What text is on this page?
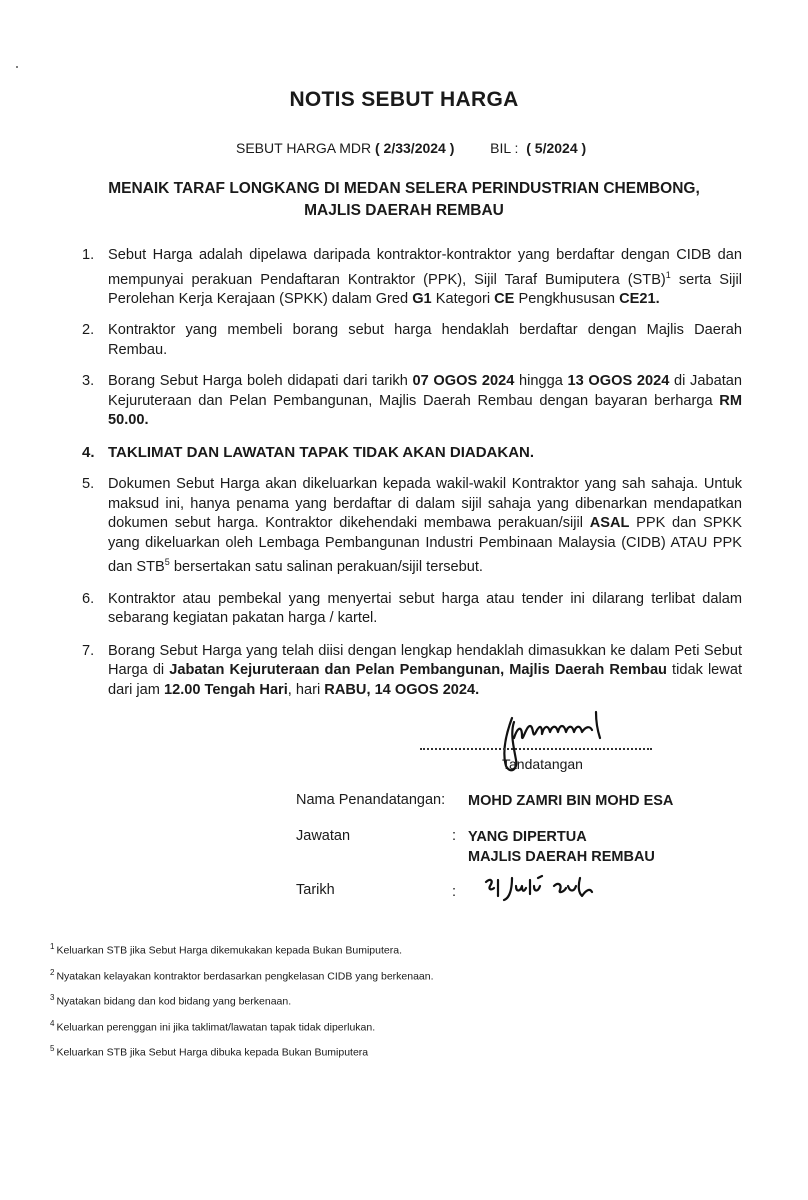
NOTIS SEBUT HARGA
SEBUT HARGA MDR ( 2/33/2024 )	BIL : ( 5/2024 )
MENAIK TARAF LONGKANG DI MEDAN SELERA PERINDUSTRIAN CHEMBONG,
MAJLIS DAERAH REMBAU
1. Sebut Harga adalah dipelawa daripada kontraktor-kontraktor yang berdaftar dengan CIDB dan mempunyai perakuan Pendaftaran Kontraktor (PPK), Sijil Taraf Bumiputera (STB)$^1$ serta Sijil Perolehan Kerja Kerajaan (SPKK) dalam Gred G1 Kategori CE Pengkhususan CE21.
2. Kontraktor yang membeli borang sebut harga hendaklah berdaftar dengan Majlis Daerah Rembau.
3. Borang Sebut Harga boleh didapati dari tarikh 07 OGOS 2024 hingga 13 OGOS 2024 di Jabatan Kejuruteraan dan Pelan Pembangunan, Majlis Daerah Rembau dengan bayaran berharga RM 50.00.
4. TAKLIMAT DAN LAWATAN TAPAK TIDAK AKAN DIADAKAN.
5. Dokumen Sebut Harga akan dikeluarkan kepada wakil-wakil Kontraktor yang sah sahaja. Untuk maksud ini, hanya penama yang berdaftar di dalam sijil sahaja yang dibenarkan mendapatkan dokumen sebut harga. Kontraktor dikehendaki membawa perakuan/sijil ASAL PPK dan SPKK yang dikeluarkan oleh Lembaga Pembangunan Industri Pembinaan Malaysia (CIDB) ATAU PPK dan STB$^5$ bersertakan satu salinan perakuan/sijil tersebut.
6. Kontraktor atau pembekal yang menyertai sebut harga atau tender ini dilarang terlibat dalam sebarang kegiatan pakatan harga / kartel.
7. Borang Sebut Harga yang telah diisi dengan lengkap hendaklah dimasukkan ke dalam Peti Sebut Harga di Jabatan Kejuruteraan dan Pelan Pembangunan, Majlis Daerah Rembau tidak lewat dari jam 12.00 Tengah Hari, hari RABU, 14 OGOS 2024.
Tandatangan
Nama Penandatangan: MOHD ZAMRI BIN MOHD ESA
Jawatan	: YANG DIPERTUA
MAJLIS DAERAH REMBAU
Tarikh	:
$^1$ Keluarkan STB jika Sebut Harga dikemukakan kepada Bukan Bumiputera.
$^2$ Nyatakan kelayakan kontraktor berdasarkan pengkelasan CIDB yang berkenaan.
$^3$ Nyatakan bidang dan kod bidang yang berkenaan.
$^4$ Keluarkan perenggan ini jika taklimat/lawatan tapak tidak diperlukan.
$^5$ Keluarkan STB jika Sebut Harga dibuka kepada Bukan Bumiputera
